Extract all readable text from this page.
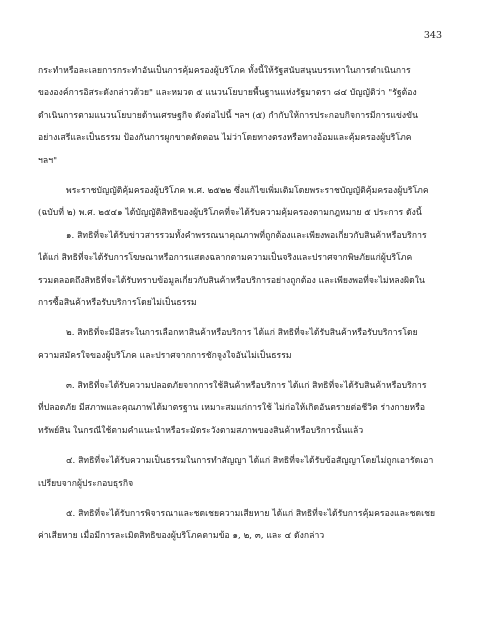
343
กระทำหรือละเลยการกระทำอันเป็นการคุ้มครองผู้บริโภค ทั้งนี้ให้รัฐสนับสนุนบรรเทาในการดำเนินการ
ขององค์การอิสระดังกล่าวด้วย" และหมวด ๕ แนวนโยบายพื้นฐานแห่งรัฐมาตรา ๘๔ บัญญัติว่า "รัฐต้อง
ดำเนินการตามแนวนโยบายด้านเศรษฐกิจ ดังต่อไปนี้ ฯลฯ (๕) กำกับให้การประกอบกิจการมีการแข่งขัน
อย่างเสรีและเป็นธรรม ป้องกันการผูกขาดตัดตอน ไม่ว่าโดยทางตรงหรือทางอ้อมและคุ้มครองผู้บริโภค
ฯลฯ"
พระราชบัญญัติคุ้มครองผู้บริโภค พ.ศ. ๒๕๒๒ ซึ่งแก้ไขเพิ่มเติมโดยพระราชบัญญัติคุ้มครองผู้บริโภค
(ฉบับที่ ๒) พ.ศ. ๒๕๔๑ ได้บัญญัติสิทธิของผู้บริโภคที่จะได้รับความคุ้มครองตามกฎหมาย ๕ ประการ ดังนี้
๑. สิทธิที่จะได้รับข่าวสารรวมทั้งคำพรรณนาคุณภาพที่ถูกต้องและเพียงพอเกี่ยวกับสินค้าหรือบริการ
ได้แก่ สิทธิที่จะได้รับการโฆษณาหรือการแสดงฉลากตามความเป็นจริงและปราศจากพิษภัยแก่ผู้บริโภค
รวมตลอดถึงสิทธิที่จะได้รับทราบข้อมูลเกี่ยวกับสินค้าหรือบริการอย่างถูกต้อง และเพียงพอที่จะไม่หลงผิดใน
การซื้อสินค้าหรือรับบริการโดยไม่เป็นธรรม
๒. สิทธิที่จะมีอิสระในการเลือกหาสินค้าหรือบริการ ได้แก่ สิทธิที่จะได้รับสินค้าหรือรับบริการโดย
ความสมัครใจของผู้บริโภค และปราศจากการชักจูงใจอันไม่เป็นธรรม
๓. สิทธิที่จะได้รับความปลอดภัยจากการใช้สินค้าหรือบริการ ได้แก่ สิทธิที่จะได้รับสินค้าหรือบริการ
ที่ปลอดภัย มีสภาพและคุณภาพได้มาตรฐาน เหมาะสมแก่การใช้ ไม่ก่อให้เกิดอันตรายต่อชีวิต ร่างกายหรือ
ทรัพย์สิน ในกรณีใช้ตามคำแนะนำหรือระมัดระวังตามสภาพของสินค้าหรือบริการนั้นแล้ว
๔. สิทธิที่จะได้รับความเป็นธรรมในการทำสัญญา ได้แก่ สิทธิที่จะได้รับข้อสัญญาโดยไม่ถูกเอารัดเอา
เปรียบจากผู้ประกอบธุรกิจ
๕. สิทธิที่จะได้รับการพิจารณาและชดเชยความเสียหาย ได้แก่ สิทธิที่จะได้รับการคุ้มครองและชดเชย
ค่าเสียหาย เมื่อมีการละเมิดสิทธิของผู้บริโภคตามข้อ ๑, ๒, ๓, และ ๔ ดังกล่าว
